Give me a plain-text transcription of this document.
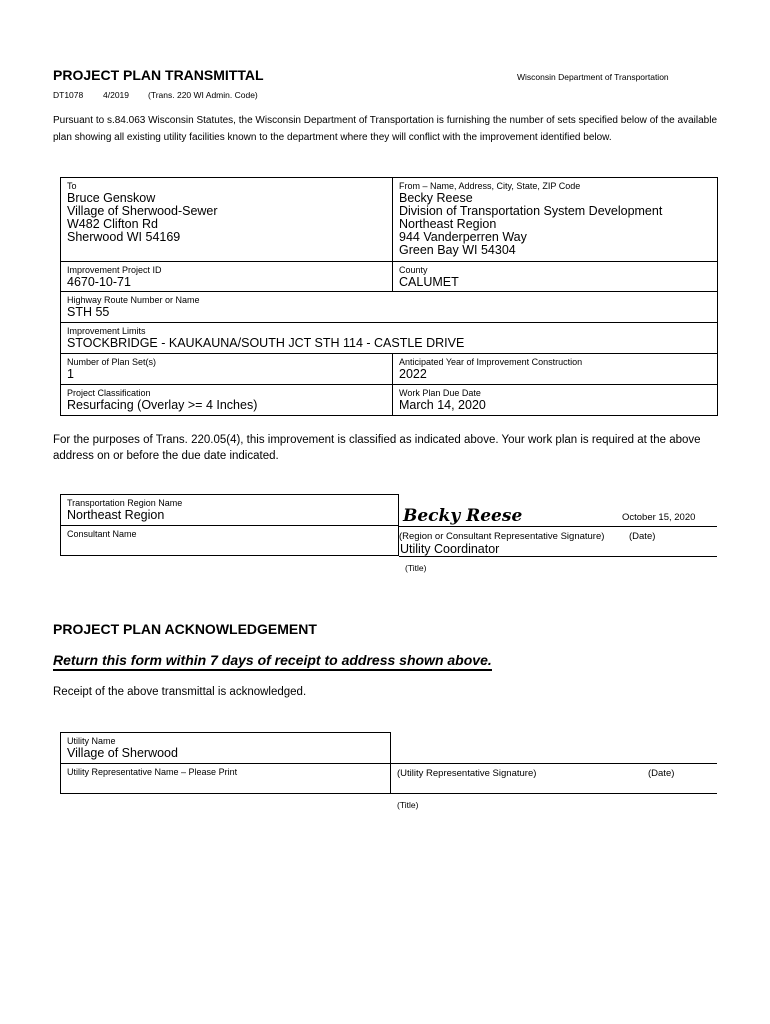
PROJECT PLAN TRANSMITTAL	Wisconsin Department of Transportation
DT1078 4/2019 (Trans. 220 WI Admin. Code)
Pursuant to s.84.063 Wisconsin Statutes, the Wisconsin Department of Transportation is furnishing the number of sets specified below of the available plan showing all existing utility facilities known to the department where they will conflict with the improvement identified below.
To
Bruce Genskow
Village of Sherwood-Sewer
W482 Clifton Rd
Sherwood WI 54169
From – Name, Address, City, State, ZIP Code
Becky Reese
Division of Transportation System Development
Northeast Region
944 Vanderperren Way
Green Bay WI 54304
Improvement Project ID
4670-10-71
County
CALUMET
Highway Route Number or Name
STH 55
Improvement Limits
STOCKBRIDGE - KAUKAUNA/SOUTH JCT STH 114 - CASTLE DRIVE
Number of Plan Set(s)
1
Anticipated Year of Improvement Construction
2022
Project Classification
Resurfacing (Overlay >= 4 Inches)
Work Plan Due Date
March 14, 2020
For the purposes of Trans. 220.05(4), this improvement is classified as indicated above. Your work plan is required at the above address on or before the due date indicated.
Transportation Region Name
Northeast Region
Consultant Name
Becky Reese	October 15, 2020
(Region or Consultant Representative Signature)	(Date)
Utility Coordinator
(Title)
PROJECT PLAN ACKNOWLEDGEMENT
Return this form within 7 days of receipt to address shown above.
Receipt of the above transmittal is acknowledged.
Utility Name
Village of Sherwood
Utility Representative Name – Please Print	(Utility Representative Signature)	(Date)
(Title)
